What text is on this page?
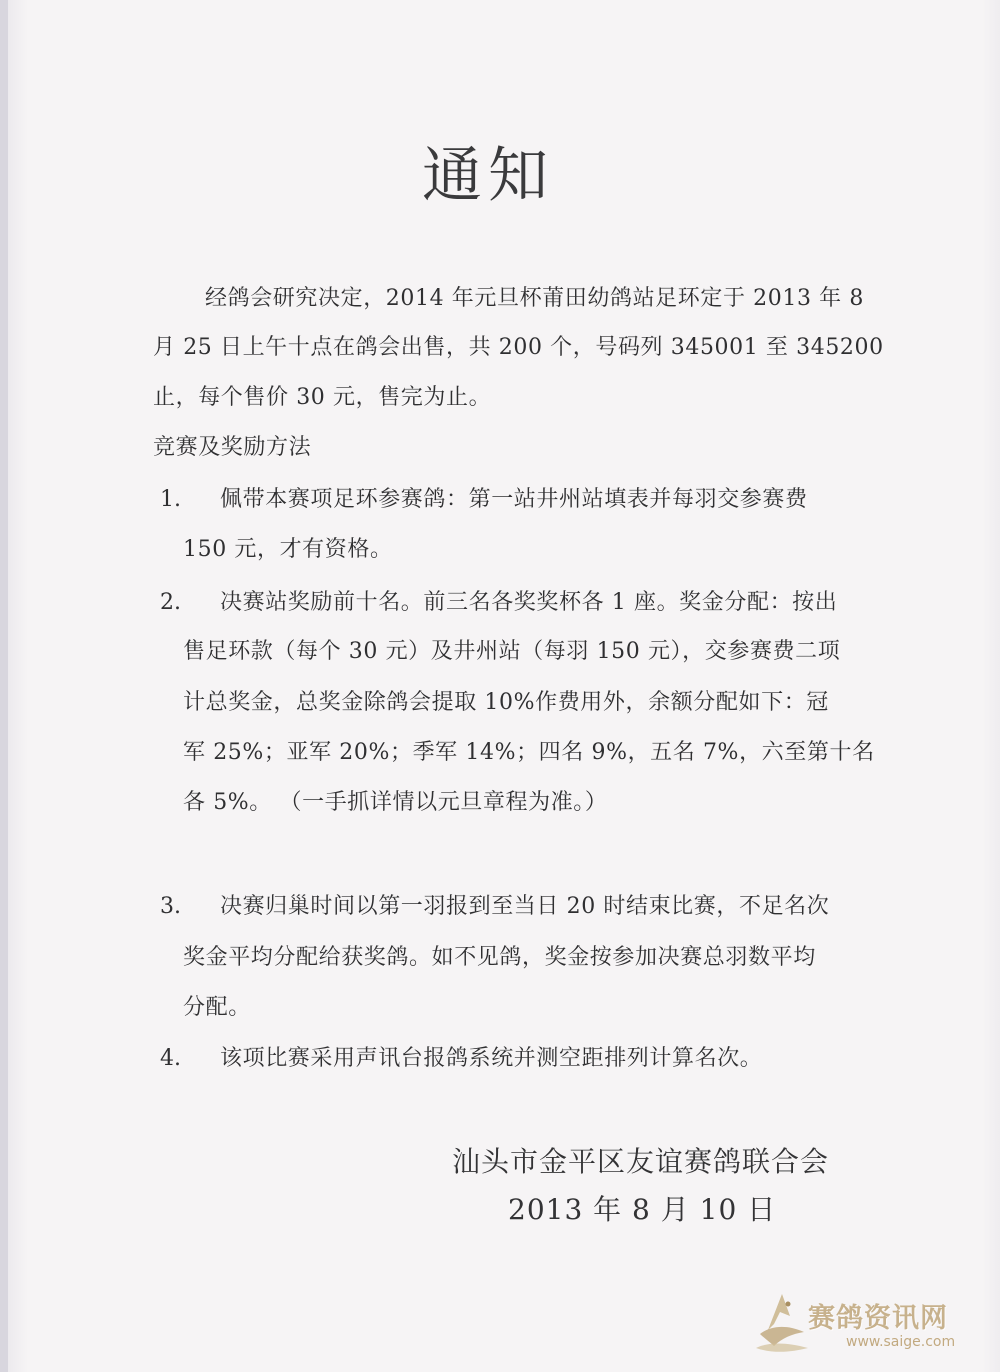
通知
经鸽会研究决定，2014 年元旦杯莆田幼鸽站足环定于 2013 年 8
月 25 日上午十点在鸽会出售，共 200 个，号码列 345001 至 345200
止，每个售价 30 元，售完为止。
竞赛及奖励方法
1. 佩带本赛项足环参赛鸽：第一站井州站填表并每羽交参赛费
150 元，才有资格。
2. 决赛站奖励前十名。前三名各奖奖杯各 1 座。奖金分配：按出
售足环款（每个 30 元）及井州站（每羽 150 元），交参赛费二项
计总奖金，总奖金除鸽会提取 10%作费用外，余额分配如下：冠
军 25%；亚军 20%；季军 14%；四名 9%，五名 7%，六至第十名
各 5%。 （一手抓详情以元旦章程为准。）
3. 决赛归巢时间以第一羽报到至当日 20 时结束比赛，不足名次
奖金平均分配给获奖鸽。如不见鸽，奖金按参加决赛总羽数平均
分配。
4. 该项比赛采用声讯台报鸽系统并测空距排列计算名次。
汕头市金平区友谊赛鸽联合会
2013 年 8 月 10 日
赛鸽资讯网
www.saige.com
